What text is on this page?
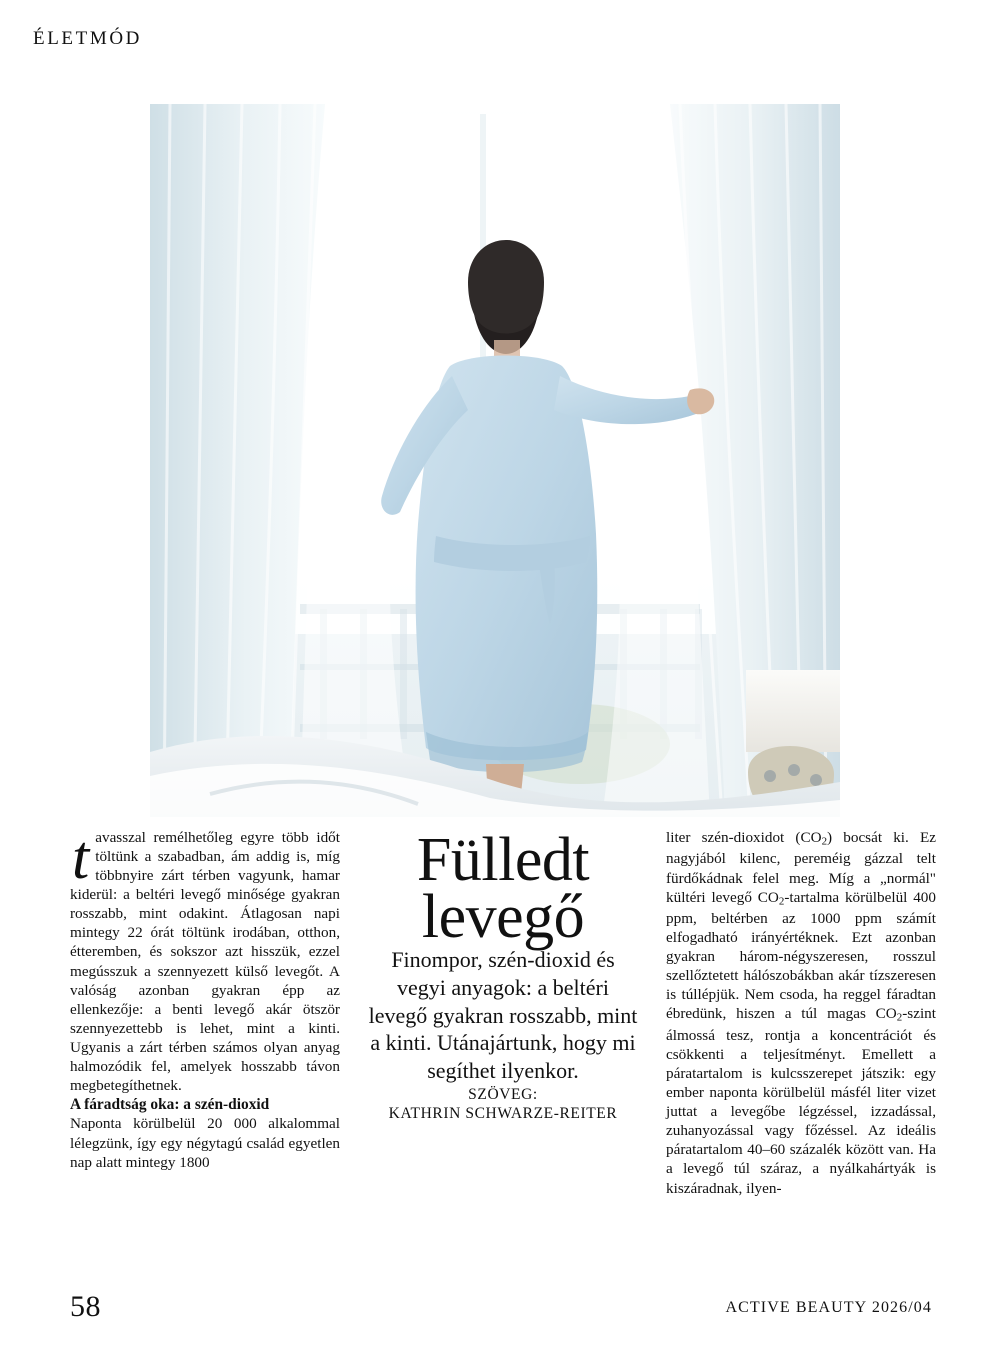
ÉLETMÓD

tavasszal remélhetőleg egyre több időt töltünk a szabadban, ám addig is, míg többnyire zárt térben vagyunk, hamar kiderül: a beltéri levegő minősége gyakran rosszabb, mint odakint. Átlagosan napi mintegy 22 órát töltünk irodában, otthon, étteremben, és sokszor azt hisszük, ezzel megússzuk a szennyezett külső levegőt. A valóság azonban gyakran épp az ellenkezője: a benti levegő akár ötször szennyezettebb is lehet, mint a kinti. Ugyanis a zárt térben számos olyan anyag halmozódik fel, amelyek hosszabb távon megbetegíthetnek.

A fáradtság oka: a szén-dioxid

Naponta körülbelül 20 000 alkalommal lélegzünk, így egy négytagú család egyetlen nap alatt mintegy 1800

Fülledt
levegő

Finompor, szén-dioxid és vegyi anyagok: a beltéri levegő gyakran rosszabb, mint a kinti. Utánajártunk, hogy mi segíthet ilyenkor.

SZÖVEG:

KATHRIN SCHWARZE-REITER

liter szén-dioxidot $(CO_2)$ bocsát ki. Ez nagyjából kilenc, pereméig gázzal telt fürdőkádnak felel meg. Míg a „normál" kültéri levegő $CO_2$-tartalma körülbelül 400 ppm, beltérben az 1000 ppm számít elfogadható irányértéknek. Ezt azonban gyakran három-négyszeresen, rosszul szellőztetett hálószobákban akár tízszeresen is túllépjük. Nem csoda, ha reggel fáradtan ébredünk, hiszen a túl magas $CO_2$-szint álmossá tesz, rontja a koncentrációt és csökkenti a teljesítményt. Emellett a páratartalom is kulcsszerepet játszik: egy ember naponta körülbelül másfél liter vizet juttat a levegőbe légzéssel, izzadással, zuhanyozással vagy főzéssel. Az ideális páratartalom 40–60 százalék között van. Ha a levegő túl száraz, a nyálkahártyák is kiszáradnak, ilyen-

58	ACTIVE BEAUTY 2026/04
